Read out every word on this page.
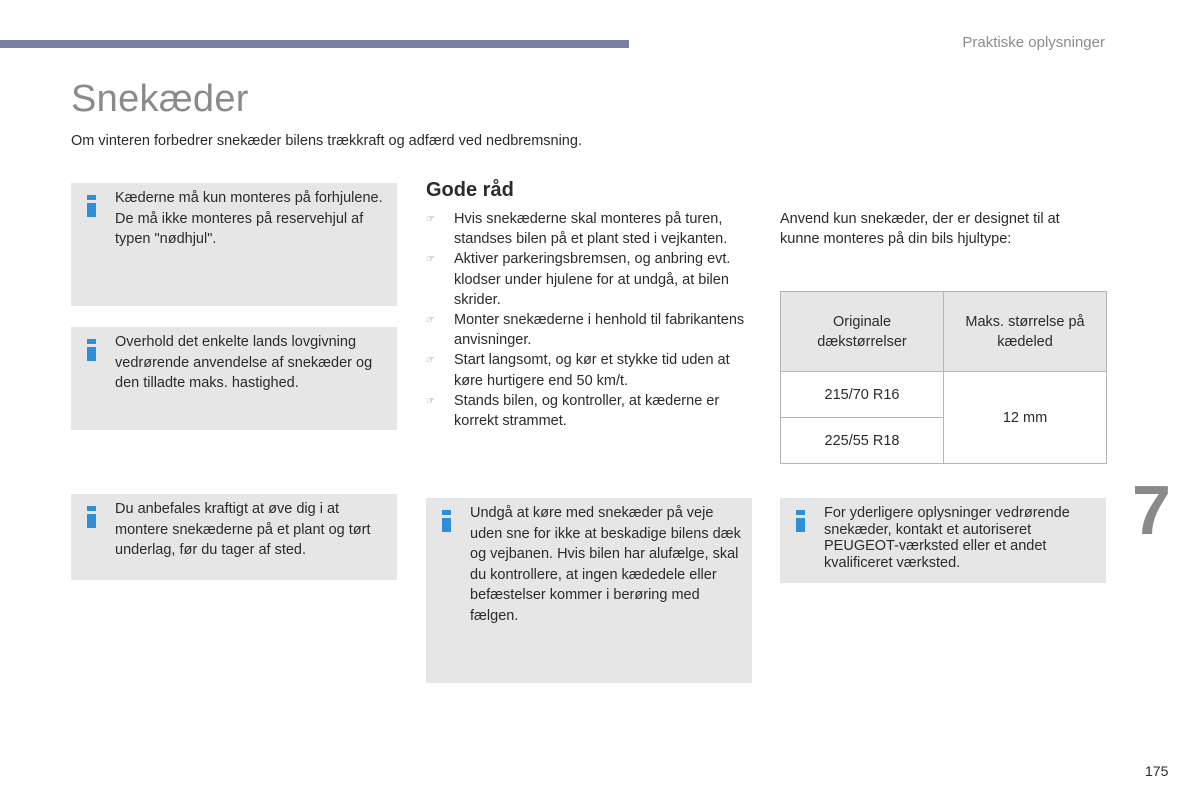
Praktiske oplysninger
Snekæder

Om vinteren forbedrer snekæder bilens trækkraft og adfærd ved nedbremsning.

Kæderne må kun monteres på forhjulene. De må ikke monteres på reservehjul af typen "nødhjul".

Overhold det enkelte lands lovgivning vedrørende anvendelse af snekæder og den tilladte maks. hastighed.

Du anbefales kraftigt at øve dig i at montere snekæderne på et plant og tørt underlag, før du tager af sted.

Gode råd
☞ Hvis snekæderne skal monteres på turen, standses bilen på et plant sted i vejkanten.
☞ Aktiver parkeringsbremsen, og anbring evt. klodser under hjulene for at undgå, at bilen skrider.
☞ Monter snekæderne i henhold til fabrikantens anvisninger.
☞ Start langsomt, og kør et stykke tid uden at køre hurtigere end 50 km/t.
☞ Stands bilen, og kontroller, at kæderne er korrekt strammet.

Undgå at køre med snekæder på veje uden sne for ikke at beskadige bilens dæk og vejbanen. Hvis bilen har alufælge, skal du kontrollere, at ingen kædedele eller befæstelser kommer i berøring med fælgen.

Anvend kun snekæder, der er designet til at kunne monteres på din bils hjultype:

Originale dækstørrelser	Maks. størrelse på kædeled
215/70 R16	12 mm
225/55 R18	

For yderligere oplysninger vedrørende snekæder, kontakt et autoriseret PEUGEOT-værksted eller et andet kvalificeret værksted.

7
175
